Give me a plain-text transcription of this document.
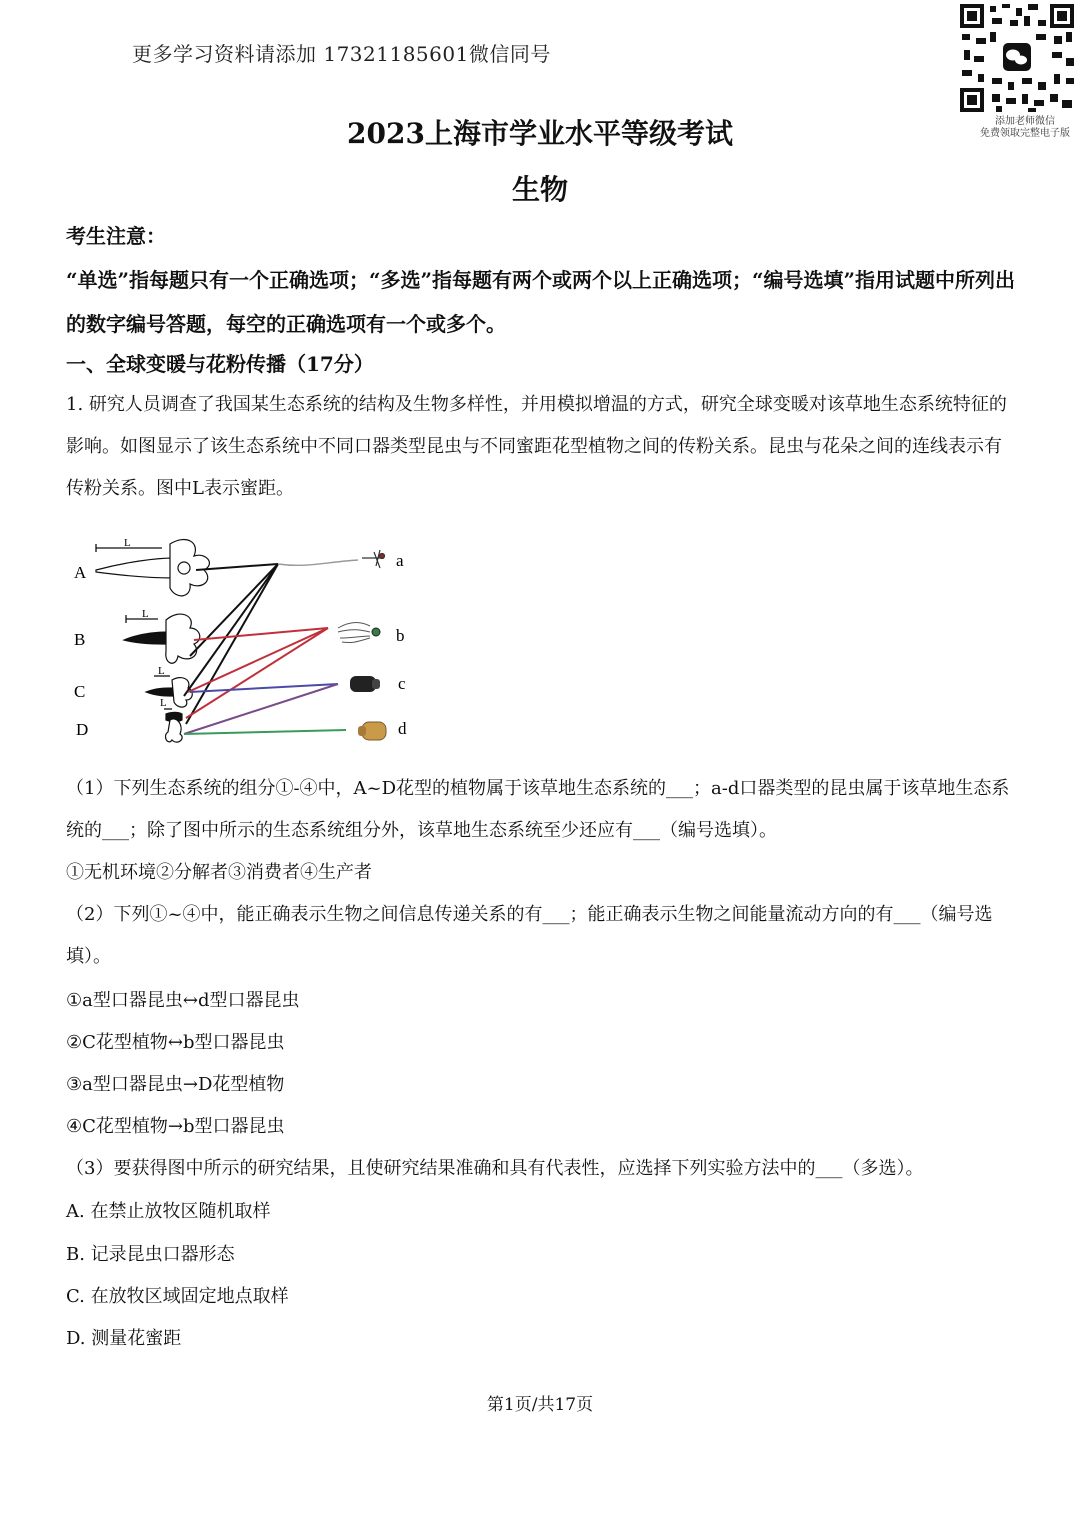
更多学习资料请添加 17321185601微信同号
添加老师微信
免费领取完整电子版
2023上海市学业水平等级考试
生物
考生注意：
“单选”指每题只有一个正确选项；“多选”指每题有两个或两个以上正确选项；“编号选填”指用试题中所列出的数字编号答题，每空的正确选项有一个或多个。
一、全球变暖与花粉传播（17分）
1. 研究人员调查了我国某生态系统的结构及生物多样性，并用模拟增温的方式，研究全球变暖对该草地生态系统特征的影响。如图显示了该生态系统中不同口器类型昆虫与不同蜜距花型植物之间的传粉关系。昆虫与花朵之间的连线表示有传粉关系。图中L表示蜜距。
A
B
C
D
a
b
c
d
L
L
L
L
（1）下列生态系统的组分①-④中，A~D花型的植物属于该草地生态系统的___；a-d口器类型的昆虫属于该草地生态系统的___；除了图中所示的生态系统组分外，该草地生态系统至少还应有___（编号选填）。
①无机环境②分解者③消费者④生产者
（2）下列①~④中，能正确表示生物之间信息传递关系的有___；能正确表示生物之间能量流动方向的有___（编号选填）。
①a型口器昆虫↔d型口器昆虫
②C花型植物↔b型口器昆虫
③a型口器昆虫→D花型植物
④C花型植物→b型口器昆虫
（3）要获得图中所示的研究结果，且使研究结果准确和具有代表性，应选择下列实验方法中的___（多选）。
A. 在禁止放牧区随机取样
B. 记录昆虫口器形态
C. 在放牧区域固定地点取样
D. 测量花蜜距
第1页/共17页
